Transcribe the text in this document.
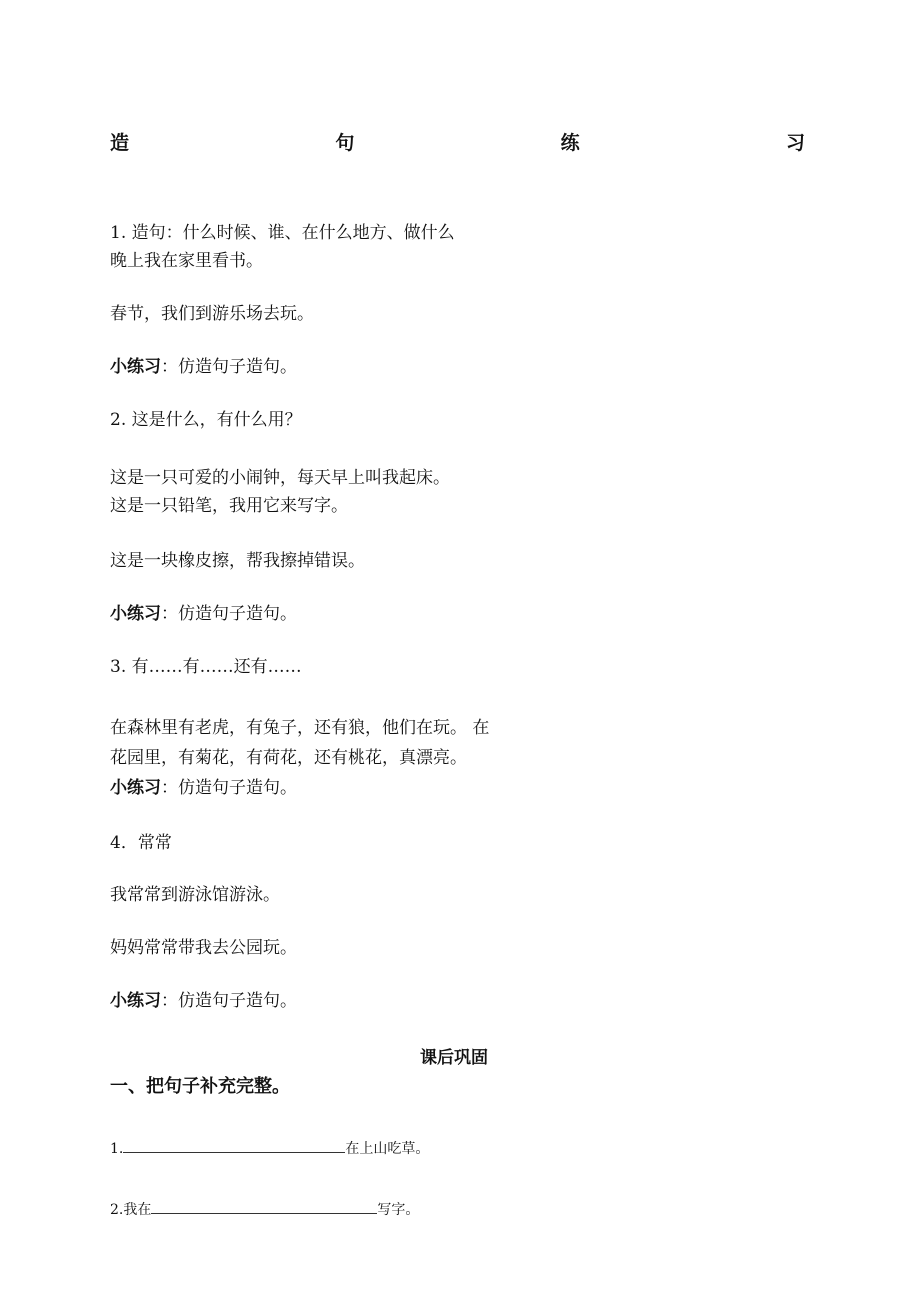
造	句	练	习
1. 造句：什么时候、谁、在什么地方、做什么
晚上我在家里看书。
春节，我们到游乐场去玩。
小练习：仿造句子造句。
2. 这是什么，有什么用？
这是一只可爱的小闹钟，每天早上叫我起床。
这是一只铅笔，我用它来写字。
这是一块橡皮擦，帮我擦掉错误。
小练习：仿造句子造句。
3. 有……有……还有……
在森林里有老虎，有兔子，还有狼，他们在玩。 在
花园里，有菊花，有荷花，还有桃花，真漂亮。
小练习：仿造句子造句。
4．常常
我常常到游泳馆游泳。
妈妈常常带我去公园玩。
小练习：仿造句子造句。
课后巩固
一、把句子补充完整。
1.	在上山吃草。
2.我在	写字。
